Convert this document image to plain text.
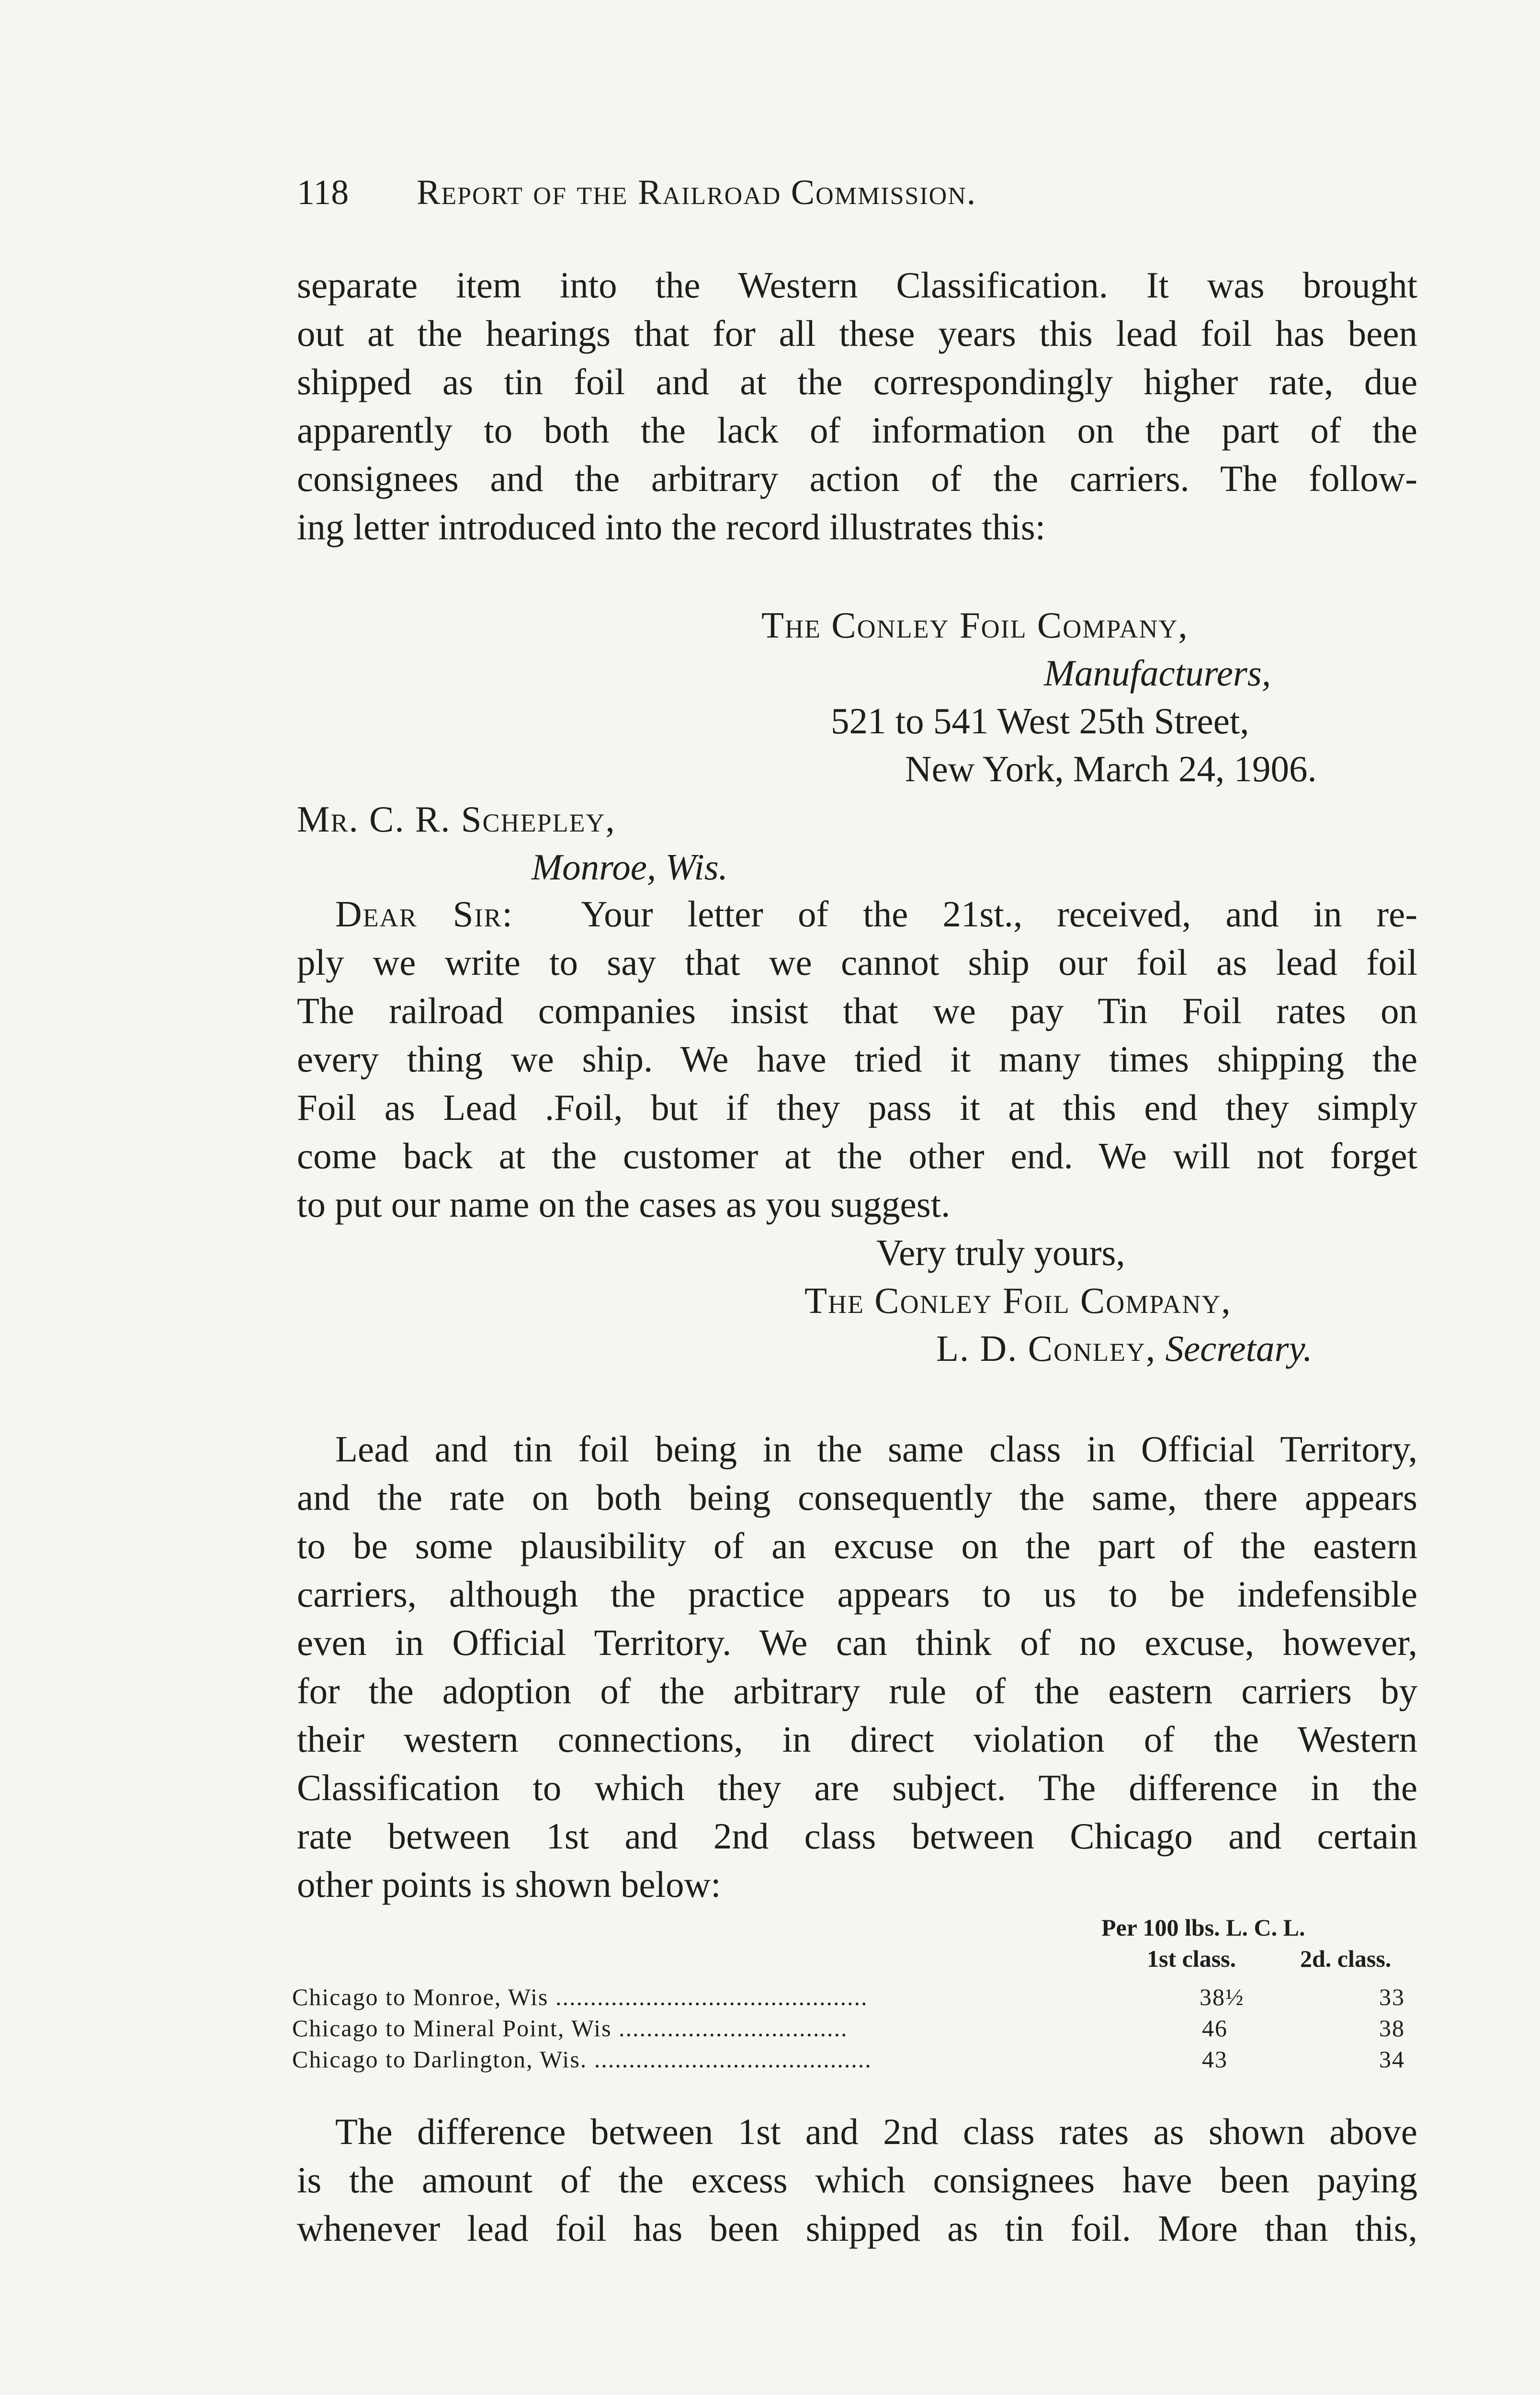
118 Report of the Railroad Commission.
separate item into the Western Classification. It was brought
out at the hearings that for all these years this lead foil has been
shipped as tin foil and at the correspondingly higher rate, due
apparently to both the lack of information on the part of the
consignees and the arbitrary action of the carriers. The follow-
ing letter introduced into the record illustrates this:
The Conley Foil Company,
Manufacturers,
521 to 541 West 25th Street,
New York, March 24, 1906.
Mr. C. R. Schepley,
Monroe, Wis.
Dear Sir: Your letter of the 21st., received, and in re-
ply we write to say that we cannot ship our foil as lead foil
The railroad companies insist that we pay Tin Foil rates on
every thing we ship. We have tried it many times shipping the
Foil as Lead .Foil, but if they pass it at this end they simply
come back at the customer at the other end. We will not forget
to put our name on the cases as you suggest.
Very truly yours,
The Conley Foil Company,
L. D. Conley, Secretary.
Lead and tin foil being in the same class in Official Territory,
and the rate on both being consequently the same, there appears
to be some plausibility of an excuse on the part of the eastern
carriers, although the practice appears to us to be indefensible
even in Official Territory. We can think of no excuse, however,
for the adoption of the arbitrary rule of the eastern carriers by
their western connections, in direct violation of the Western
Classification to which they are subject. The difference in the
rate between 1st and 2nd class between Chicago and certain
other points is shown below:
Per 100 lbs. L. C. L.
1st class.	2d. class.
Chicago to Monroe, Wis .............................................	38½	33
Chicago to Mineral Point, Wis .................................	46	38
Chicago to Darlington, Wis. ........................................	43	34
The difference between 1st and 2nd class rates as shown above
is the amount of the excess which consignees have been paying
whenever lead foil has been shipped as tin foil. More than this,
